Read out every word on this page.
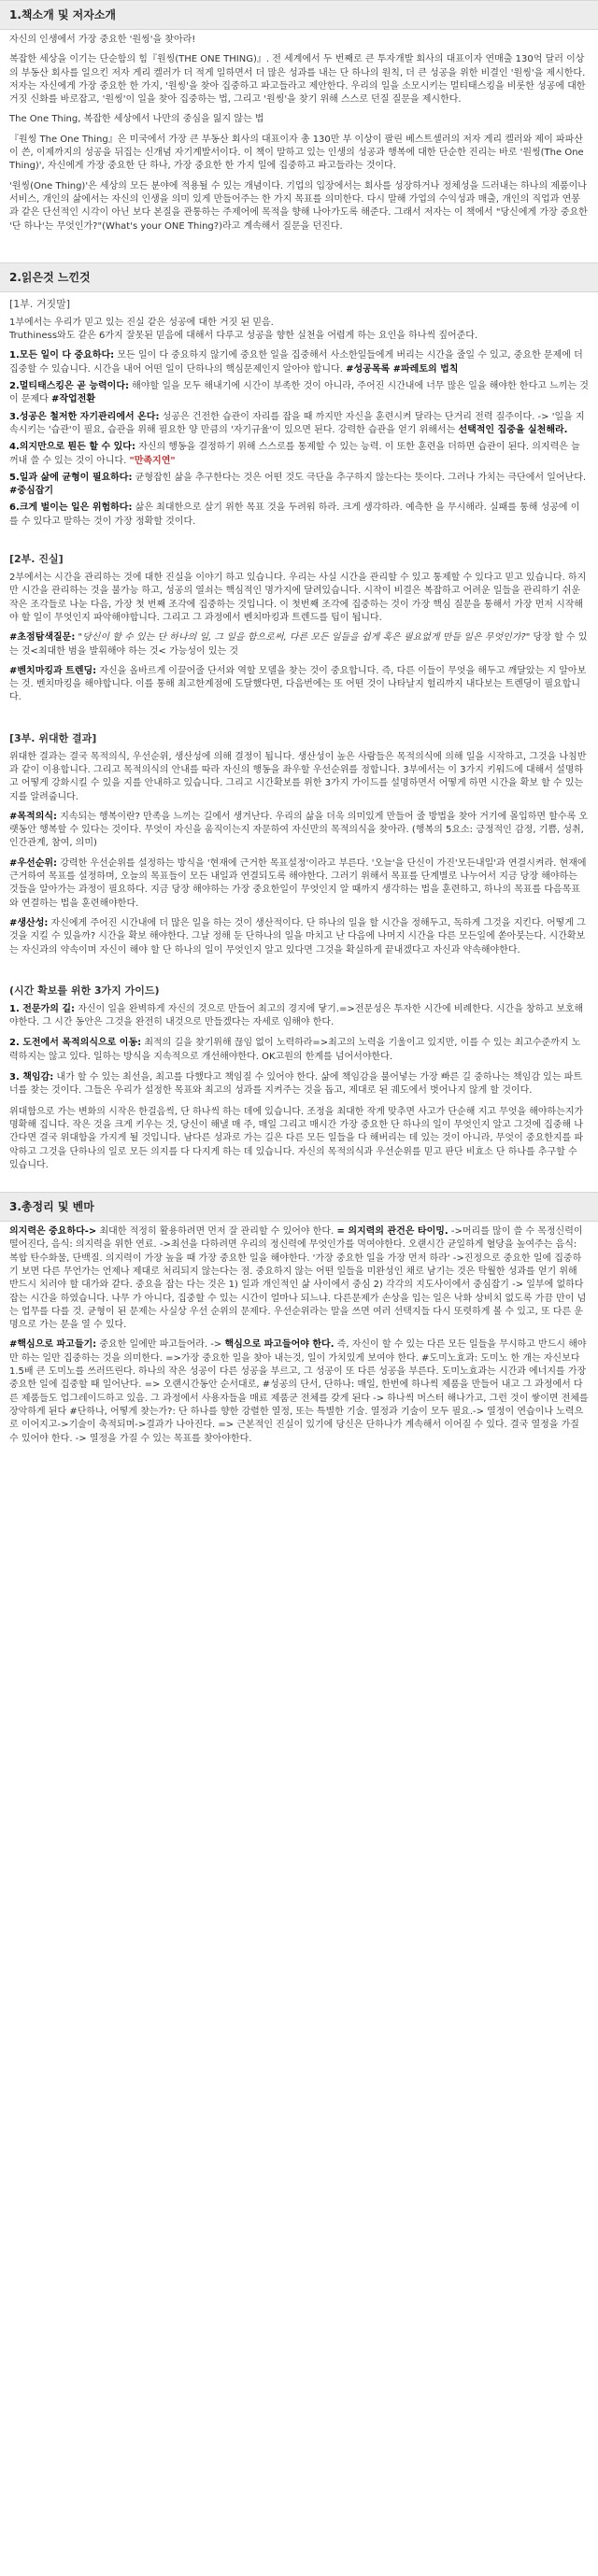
1.책소개 및 저자소개

자신의 인생에서 가장 중요한 '원씽'을 찾아라!

복잡한 세상을 이기는 단순함의 힘『원씽(THE ONE THING)』. 전 세계에서 두 번째로 큰 투자개발 회사의 대표이자 연매출 130억 달러 이상의 부동산 회사를 일으킨 저자 게리 켈러가 더 적게 일하면서 더 많은 성과를 내는 단 하나의 원칙, 더 큰 성공을 위한 비결인 '원씽'을 제시한다. 저자는 자신에게 가장 중요한 한 가지, '원씽'을 찾아 집중하고 파고들라고 제안한다. 우리의 일을 소모시키는 멀티태스킹을 비롯한 성공에 대한 거짓 신화를 바로잡고, '원씽'이 일을 찾아 집중하는 법, 그리고 '원씽'을 찾기 위해 스스로 던질 질문을 제시한다.

The One Thing, 복잡한 세상에서 나만의 중심을 잃지 않는 법

『원씽 The One Thing』은 미국에서 가장 큰 부동산 회사의 대표이자 총 130만 부 이상이 팔린 베스트셀러의 저자 게리 켈러와 제이 파파산이 쓴, 이제까지의 성공을 뒤집는 신개념 자기계발서이다. 이 책이 말하고 있는 인생의 성공과 행복에 대한 단순한 진리는 바로 '원씽(The One Thing)', 자신에게 가장 중요한 단 하나, 가장 중요한 한 가지 일에 집중하고 파고들라는 것이다.

'원씽(One Thing)'은 세상의 모든 분야에 적용될 수 있는 개념이다. 기업의 입장에서는 회사를 성장하거나 정체성을 드러내는 하나의 제품이나 서비스, 개인의 삶에서는 자신의 인생을 의미 있게 만들어주는 한 가지 목표를 의미한다. 다시 말해 가업의 수익성과 매출, 개인의 직업과 연봉과 같은 단선적인 시각이 아닌 보다 본질을 관통하는 주제어에 목적을 향해 나아가도록 해준다. 그래서 저자는 이 책에서 "당신에게 가장 중요한 '단 하나'는 무엇인가?"(What's your ONE Thing?)라고 계속해서 질문을 던진다.

2.읽은것 느낀것
[1부. 거짓말]

1부에서는 우리가 믿고 있는 진실 같은 성공에 대한 거짓 된 믿음.
Truthiness와도 같은 6가지 잘못된 믿음에 대해서 다루고 성공을 향한 실천을 어렵게 하는 요인을 하나씩 짚어준다.

1.모든 일이 다 중요하다: 모든 일이 다 중요하지 않기에 중요한 일을 집중해서 사소한일들에게 버리는 시간을 줄일 수 있고, 중요한 문제에 더 집중할 수 있습니다. 시간을 내어 어떤 일이 단하나의 핵심문제인지 알아야 합니다. #성공목록 #파레토의 법칙

2.멀티태스킹은 곧 능력이다: 해야할 일을 모두 해내기에 시간이 부족한 것이 아니라, 주어진 시간내에 너무 많은 일을 해야한 한다고 느끼는 것이 문제다 #작업전환

3.성공은 철저한 자기관리에서 온다: 성공은 건전한 습관이 자리를 잡을 때 까지만 자신을 훈련시켜 달라는 단거리 전력 질주이다. -> '일을 지속시키는 '습관'이 필요, 습관을 위해 필요한 양 만큼의 '자기규율'이 있으면 된다. 강력한 습관을 얻기 위해서는 선택적인 집중을 실천해라.

4.의지만으로 뭔든 할 수 있다: 자신의 행동을 결정하기 위해 스스로를 통제할 수 있는 능력. 이 또한 훈련을 더하면 습관이 된다. 의지력은 늘 꺼내 쓸 수 있는 것이 아니다. "만족지연"

5.일과 삶에 균형이 필요하다: 균형잡힌 삶을 추구한다는 것은 어떤 것도 극단을 추구하지 않는다는 뜻이다. 그러나 가치는 극단에서 일어난다. #중심잡기

6.크게 벌이는 일은 위험하다: 삶은 최대한으로 살기 위한 목표 것을 두려워 하라. 크게 생각하라. 예측한 을 무시해라. 실패를 통해 성공에 이를 수 있다고 말하는 것이 가장 정확할 것이다.

[2부. 진실]

2부에서는 시간을 관리하는 것에 대한 진실을 이야기 하고 있습니다. 우리는 사실 시간을 관리할 수 있고 통제할 수 있다고 믿고 있습니다. 하지만 시간을 관리하는 것을 불가능 하고, 성공의 열쇠는 핵심적인 명가지에 달려있습니다. 시작이 비결은 복잡하고 어려운 일들을 관리하기 쉬운 작은 조각들로 나눈 다음, 가장 첫 번째 조각에 집중하는 것입니다. 이 첫번째 조각에 집중하는 것이 가장 핵심 질문을 통해서 가장 먼저 시작해야 할 일이 무엇인지 파악해야합니다. 그리고 그 과정에서 벤치마킹과 트렌드를 팁이 됩니다.

#초점탐색질문: "당신이 할 수 있는 단 하나의 일, 그 일을 함으로써, 다른 모든 일들을 쉽게 혹은 필요없게 만들 일은 무엇인가?" 당장 할 수 있는 것<최대한 범을 발휘해야 하는 것< 가능성이 있는 것

#벤치마킹과 트렌딩: 자신을 올바르게 이끌어줄 단서와 역할 모델을 찾는 것이 중요합니다. 즉, 다른 이들이 무엇을 해두고 깨달았는 지 알아보는 것. 벤치마킹을 해야합니다. 이를 통해 최고한계점에 도달했다면, 다음번에는 또 어떤 것이 나타날지 헐리까지 내다보는 트렌딩이 필요합니다.

[3부. 위대한 결과]

위대한 결과는 결국 목적의식, 우선순위, 생산성에 의해 결정이 됩니다. 생산성이 높은 사람들은 목적의식에 의해 일을 시작하고, 그것을 나침반과 같이 이용합니다. 그리고 목적의식의 안내를 따라 자신의 행동을 좌우할 우선순위를 정합니다. 3부에서는 이 3가지 키워드에 대해서 설명하고 어떻게 강화시킬 수 있을 지를 안내하고 있습니다. 그리고 시간확보를 위한 3가지 가이드를 설명하면서 어떻게 하면 시간을 확보 할 수 있는지를 알려줍니다.

#목적의식: 지속되는 행복이란? 만족을 느끼는 길에서 생겨난다. 우리의 삶을 더욱 의미있게 만들어 줄 방법을 찾아 거기에 몰입하면 할수록 오랫동안 행복할 수 있다는 것이다. 무엇이 자신을 움직이는지 자문하여 자신만의 목적의식을 찾아라. (행복의 5요소: 긍정적인 감정, 기쁨, 성취, 인간관계, 참여, 의미)

#우선순위: 강력한 우선순위를 설정하는 방식을 '현재에 근거한 목표설정'이라고 부른다. '오늘'을 단신이 가진'모든내일'과 연결시켜라. 현재에 근거하여 목표를 설정하며, 오늘의 목표들이 모든 내일과 연결되도록 해야한다. 그러기 위해서 목표를 단계별로 나누어서 지금 당장 해야하는 것들을 알아가는 과정이 필요하다. 지금 당장 해야하는 가장 중요한일이 무엇인지 알 때까지 생각하는 법을 훈련하고, 하나의 목표를 다음목표와 연결하는 법을 훈련해야한다.

#생산성: 자신에게 주어진 시간내에 더 많은 일을 하는 것이 생산적이다. 단 하나의 일을 할 시간을 정해두고, 독하게 그것을 지킨다. 어떻게 그것을 지킬 수 있을까? 시간을 확보 해야한다. 그날 정해 둔 단하나의 일을 마치고 난 다음에 나머지 시간을 다른 모든일에 쏟아붓는다. 시간확보는 자신과의 약속이며 자신이 해야 할 단 하나의 일이 무엇인지 알고 있다면 그것을 확실하게 끝내겠다고 자신과 약속해야한다.

(시간 확보를 위한 3가지 가이드)
1. 전문가의 길: 자신이 일을 완벽하게 자신의 것으로 만들어 최고의 경지에 닿기.=>전문성은 투자한 시간에 비례한다. 시간을 창하고 보호해야한다. 그 시간 동안은 그것을 완전히 내것으로 만들겠다는 자세로 임해야 한다.
2. 도전에서 목적의식으로 이동: 최적의 길을 찾기위해 끊임 없이 노력하라=>최고의 노력을 기울이고 있지만, 이를 수 있는 최고수준까지 노력하지는 않고 있다. 일하는 방식을 지속적으로 개선해야한다. OK고원의 한계를 넘어서야한다.
3. 책임감: 내가 할 수 있는 최선을, 최고를 다했다고 책임질 수 있어야 한다. 삶에 책임감을 불어넣는 가장 빠른 길 중하나는 책임감 있는 파트너를 찾는 것이다. 그들은 우리가 설정한 목표와 최고의 성과를 지켜주는 것을 돕고, 제대로 된 궤도에서 벗어나지 않게 할 것이다.

위대함으로 가는 변화의 시작은 한걸음씩, 단 하나씩 하는 데에 있습니다. 조정을 최대한 작게 맞추면 사고가 단순해 지고 무엇을 해야하는지가 명확해 집니다. 작은 것을 크게 키우는 것, 당신이 해낼 매 주, 매일 그리고 매시간 가장 중요한 단 하나의 일이 무엇인지 알고 그것에 집중해 나간다면 결국 위대함을 가지게 될 것입니다. 남다른 성과로 가는 길은 다른 모든 일들을 다 해버리는 데 있는 것이 아니라, 무엇이 중요한지를 파악하고 그것을 단하나의 일로 모든 의지를 다 다지게 하는 데 있습니다. 자신의 목적의식과 우선순위를 믿고 판단 비효소 단 하나를 추구할 수 있습니다.

3.총정리 및 벤마

의지력은 중요하다-> 최대한 적정히 활용하려면 먼저 잘 관리할 수 있어야 한다. = 의지력의 관건은 타이밍. ->머리를 많이 쓸 수 목정신력이 떨어진다, 음식: 의지력을 위한 연료. ->최선을 다하려면 우리의 정신력에 무엇인가를 먹여야한다. 오랜시간 균일하게 혈당을 높여주는 음식: 복합 탄수화물, 단백질. 의지력이 가장 높을 때 가장 중요한 일을 해야한다. '가장 중요한 일을 가장 먼저 하라' ->진정으로 중요한 일에 집중하기 보면 다른 무언가는 언제나 제대로 처리되지 않는다는 점. 중요하지 않는 어떤 일들을 미완성인 채로 남기는 것은 탁월한 성과를 얻기 위해 반드시 치러야 할 대가와 같다. 중요을 잡는 다는 것은 1) 일과 개인적인 삶 사이에서 중심 2) 각각의 지도사이에서 중심잡기 -> 일부에 없하다 잡는 시간을 하였습니다. 나무 가 아니다, 집중할 수 있는 시간이 얼마나 되느냐. 다른문제가 손상을 입는 일은 낙화 상비치 없도록 가끔 만이 넘는 업무를 다를 것. 균형이 된 문제는 사실상 우선 순위의 문제다. 우선순위라는 말을 쓰면 여러 선택지들 다시 또렷하게 볼 수 있고, 또 다른 운명으로 가는 문을 열 수 있다.

#핵심으로 파고들기: 중요한 일에만 파고들어라. -> 핵심으로 파고들어야 한다. 즉, 자신이 할 수 있는 다른 모든 일들을 무시하고 반드시 해야만 하는 일만 집중하는 것을 의미한다. =>가장 중요한 일을 찾아 내는것, 일이 가치있게 보여야 한다. #도미노효과: 도미노 한 개는 자신보다 1.5배 큰 도미노를 쓰러뜨린다. 하나의 작은 성공이 다른 성공을 부르고, 그 성공이 또 다른 성공을 부른다. 도미노효과는 시간과 에너지를 가장 중요한 일에 집중할 때 일어난다. => 오랜시간동안 순서대로, #성공의 단서, 단하나: 매일, 한번에 하나씩 제품을 만들어 내고 그 과정에서 다른 제품들도 업그레이드하고 있음. 그 과정에서 사용자들을 매료 제품군 전체를 갖게 된다 -> 하나씩 머스터 해나가고, 그런 것이 쌓이면 전체를 장악하게 된다 #단하나, 어떻게 찾는가?: 단 하나를 향한 강렬한 열정, 또는 특별한 기술. 열정과 기술이 모두 필요.-> 열정이 연습이나 노력으로 이어지고->기술이 축적되며->결과가 나아진다. => 근본적인 진실이 있기에 당신은 단하나가 계속해서 이어질 수 있다. 결국 열정을 가질 수 있어야 한다. -> 열정을 가질 수 있는 목표를 찾아야한다.
